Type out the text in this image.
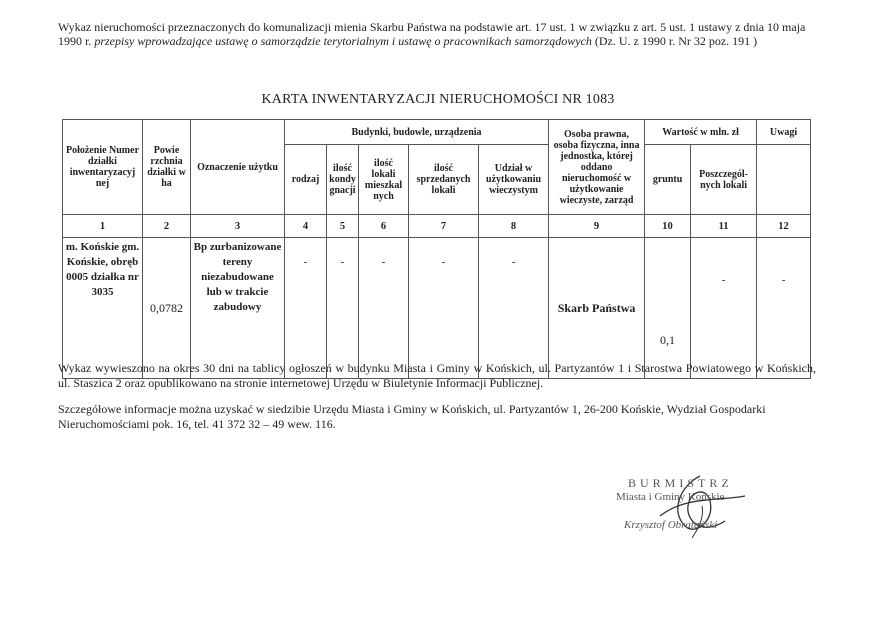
Wykaz nieruchomości przeznaczonych do komunalizacji mienia Skarbu Państwa na podstawie art. 17 ust. 1 w związku z art. 5 ust. 1 ustawy z dnia 10 maja 1990 r. przepisy wprowadzające ustawę o samorządzie terytorialnym i ustawę o pracownikach samorządowych (Dz. U. z 1990 r. Nr 32 poz. 191 )
KARTA INWENTARYZACJI NIERUCHOMOŚCI NR 1083
Położenie Numer działki inwentaryzacyj nej	Powie rzchnia działki w ha	Oznaczenie użytku	Budynki, budowle, urządzenia					Osoba prawna, osoba fizyczna, inna jednostka, której oddano nieruchomość w użytkowanie wieczyste, zarząd	Wartość w mln. zł		Uwagi
			rodzaj	ilość kondy gnacji	ilość lokali mieszkal nych	ilość sprzedanych lokali	Udział w użytkowaniu wieczystym		gruntu	Poszczegól- nych lokali	
1	2	3	4	5	6	7	8	9	10	11	12
m. Końskie gm. Końskie, obręb 0005 działka nr 3035	0,0782	Bp zurbanizowane tereny niezabudowane lub w trakcie zabudowy	-	-	-	-	-	Skarb Państwa	0,1	-	-
Wykaz wywieszono na okres 30 dni na tablicy ogłoszeń w budynku Miasta i Gminy w Końskich, ul. Partyzantów 1 i Starostwa Powiatowego w Końskich, ul. Staszica 2 oraz opublikowano na stronie internetowej Urzędu w Biuletynie Informacji Publicznej.
Szczegółowe informacje można uzyskać w siedzibie Urzędu Miasta i Gminy w Końskich, ul. Partyzantów 1, 26-200 Końskie, Wydział Gospodarki Nieruchomościami pok. 16, tel. 41 372 32 – 49 wew. 116.
BURMISTRZ
Miasta i Gminy Końskie
Krzysztof Obratański
